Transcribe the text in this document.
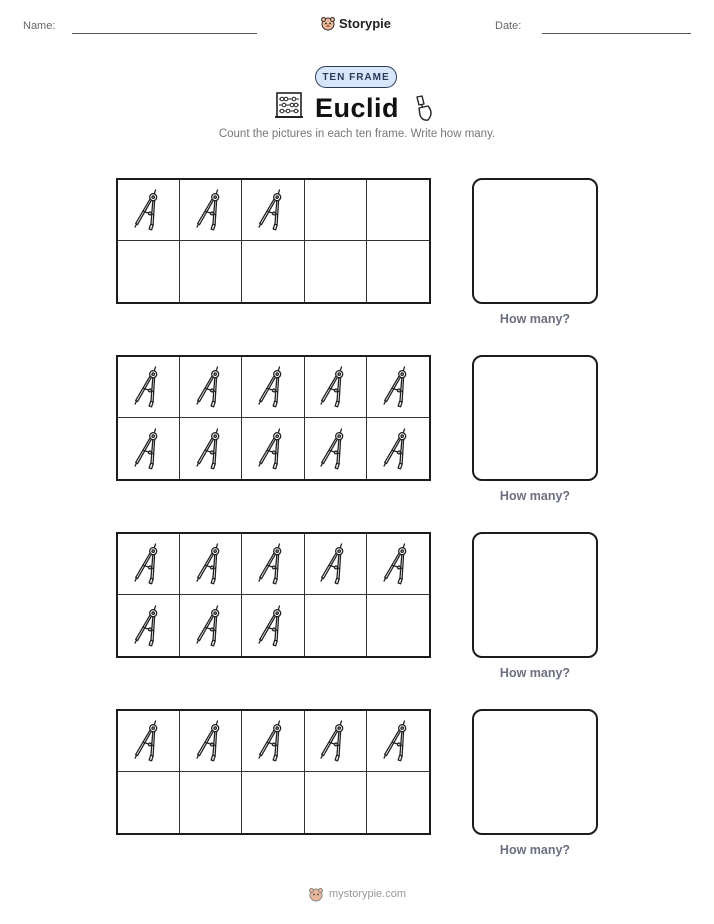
Name:	Storypie	Date:
TEN FRAME
Euclid
Count the pictures in each ten frame. Write how many.
How many?
How many?
How many?
How many?
mystorypie.com
